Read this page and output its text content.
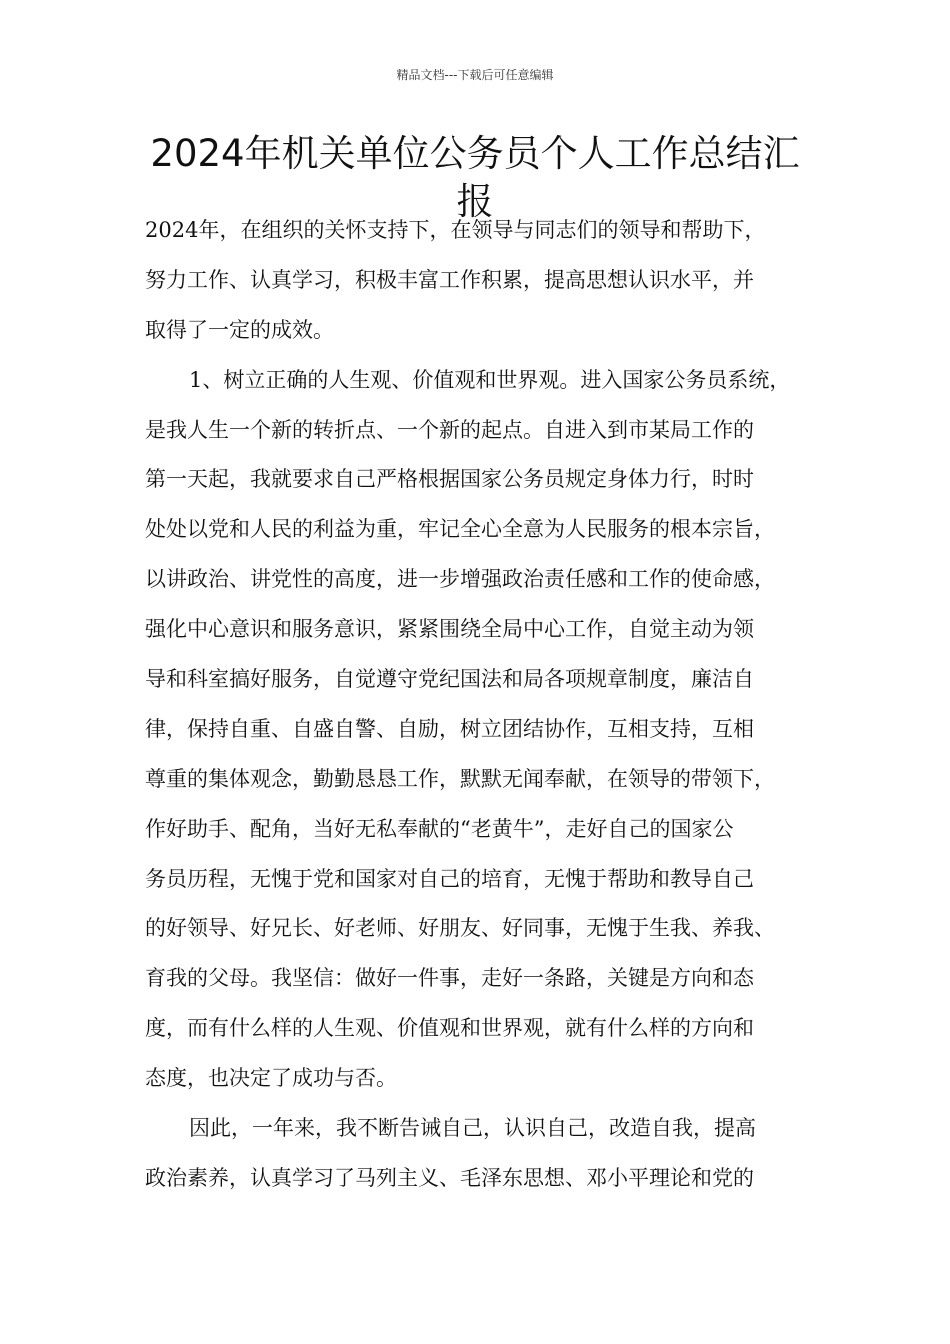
精品文档---下载后可任意编辑
2024年机关单位公务员个人工作总结汇
报
2024年，在组织的关怀支持下，在领导与同志们的领导和帮助下，
努力工作、认真学习，积极丰富工作积累，提高思想认识水平，并
取得了一定的成效。
1、树立正确的人生观、价值观和世界观。进入国家公务员系统，
是我人生一个新的转折点、一个新的起点。自进入到市某局工作的
第一天起，我就要求自己严格根据国家公务员规定身体力行，时时
处处以党和人民的利益为重，牢记全心全意为人民服务的根本宗旨，
以讲政治、讲党性的高度，进一步增强政治责任感和工作的使命感，
强化中心意识和服务意识，紧紧围绕全局中心工作，自觉主动为领
导和科室搞好服务，自觉遵守党纪国法和局各项规章制度，廉洁自
律，保持自重、自盛自警、自励，树立团结协作，互相支持，互相
尊重的集体观念，勤勤恳恳工作，默默无闻奉献，在领导的带领下，
作好助手、配角，当好无私奉献的“老黄牛”，走好自己的国家公
务员历程，无愧于党和国家对自己的培育，无愧于帮助和教导自己
的好领导、好兄长、好老师、好朋友、好同事，无愧于生我、养我、
育我的父母。我坚信：做好一件事，走好一条路，关键是方向和态
度，而有什么样的人生观、价值观和世界观，就有什么样的方向和
态度，也决定了成功与否。
因此，一年来，我不断告诫自己，认识自己，改造自我，提高
政治素养，认真学习了马列主义、毛泽东思想、邓小平理论和党的
